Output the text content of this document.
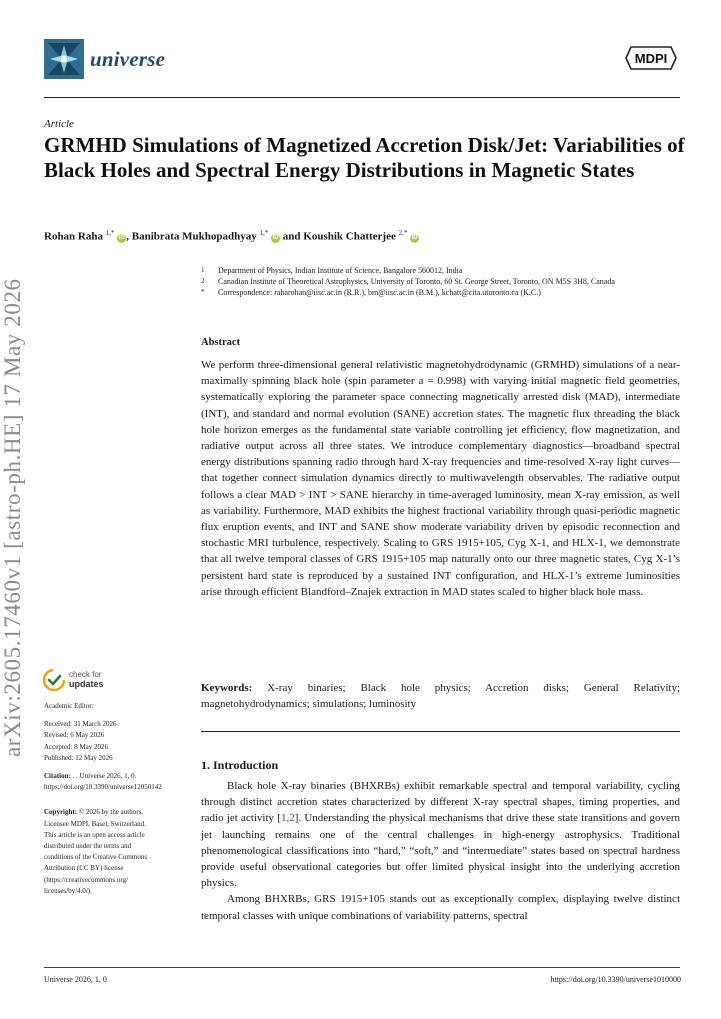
universe	MDPI
Article
GRMHD Simulations of Magnetized Accretion Disk/Jet: Variabilities of Black Holes and Spectral Energy Distributions in Magnetic States
Rohan Raha $^{1,*}$ iD , Banibrata Mukhopadhyay $^{1,*}$ iD and Koushik Chatterjee $^{2,*}$ iD
1	Department of Physics, Indian Institute of Science, Bangalore 560012, India
2	Canadian Institute of Theoretical Astrophysics, University of Toronto, 60 St. George Street, Toronto, ON M5S 3H8, Canada
*	Correspondence: raharohan@iisc.ac.in (R.R.), bm@iisc.ac.in (B.M.), kchatt@cita.utoronto.ca (K.C.)
Abstract
We perform three-dimensional general relativistic magnetohydrodynamic (GRMHD) simulations of a near-maximally spinning black hole (spin parameter a = 0.998) with varying initial magnetic field geometries, systematically exploring the parameter space connecting magnetically arrested disk (MAD), intermediate (INT), and standard and normal evolution (SANE) accretion states. The magnetic flux threading the black hole horizon emerges as the fundamental state variable controlling jet efficiency, flow magnetization, and radiative output across all three states. We introduce complementary diagnostics—broadband spectral energy distributions spanning radio through hard X-ray frequencies and time-resolved X-ray light curves—that together connect simulation dynamics directly to multiwavelength observables. The radiative output follows a clear MAD > INT > SANE hierarchy in time-averaged luminosity, mean X-ray emission, as well as variability. Furthermore, MAD exhibits the highest fractional variability through quasi-periodic magnetic flux eruption events, and INT and SANE show moderate variability driven by episodic reconnection and stochastic MRI turbulence, respectively. Scaling to GRS 1915+105, Cyg X-1, and HLX-1, we demonstrate that all twelve temporal classes of GRS 1915+105 map naturally onto our three magnetic states, Cyg X-1’s persistent hard state is reproduced by a sustained INT configuration, and HLX-1’s extreme luminosities arise through efficient Blandford–Znajek extraction in MAD states scaled to higher black hole mass.
Keywords: X-ray binaries; Black hole physics; Accretion disks; General Relativity; magnetohydrodynamics; simulations; luminosity
1. Introduction

Black hole X-ray binaries (BHXRBs) exhibit remarkable spectral and temporal variability, cycling through distinct accretion states characterized by different X-ray spectral shapes, timing properties, and radio jet activity [1,2]. Understanding the physical mechanisms that drive these state transitions and govern jet launching remains one of the central challenges in high-energy astrophysics. Traditional phenomenological classifications into “hard,” “soft,” and “intermediate” states based on spectral hardness provide useful observational categories but offer limited physical insight into the underlying accretion physics.

Among BHXRBs, GRS 1915+105 stands out as exceptionally complex, displaying twelve distinct temporal classes with unique combinations of variability patterns, spectral

arXiv:2605.17460v1 [astro-ph.HE] 17 May 2026	check for
updates
Academic Editor:
Received: 31 March 2026
Revised: 6 May 2026
Accepted: 8 May 2026
Published: 12 May 2026
Citation: . . Universe 2026, 1, 0.
https://doi.org/10.3390/universe12050142
Copyright: © 2026 by the authors.
Licensee MDPI, Basel, Switzerland.
This article is an open access article
distributed under the terms and
conditions of the Creative Commons
Attribution (CC BY) license
(https://creativecommons.org/
licenses/by/4.0/).
Universe 2026, 1, 0	https://doi.org/10.3390/universe1010000
